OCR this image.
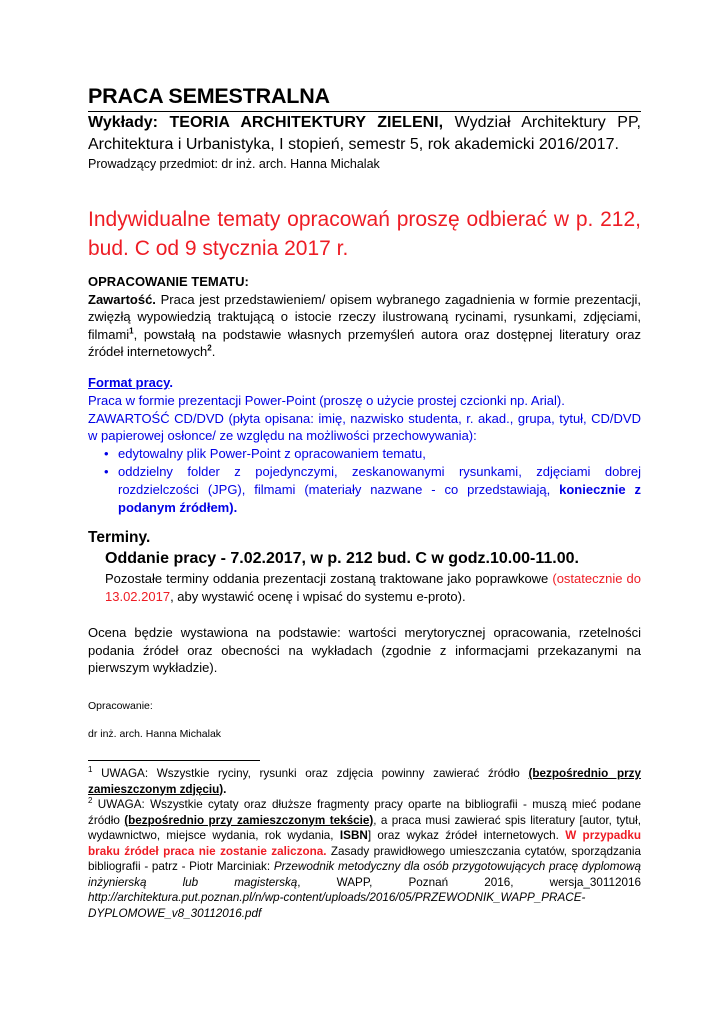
PRACA SEMESTRALNA

Wykłady: TEORIA ARCHITEKTURY ZIELENI, Wydział Architektury PP, Architektura i Urbanistyka, I stopień, semestr 5, rok akademicki 2016/2017.

Prowadzący przedmiot: dr inż. arch. Hanna Michalak

Indywidualne tematy opracowań proszę odbierać w p. 212, bud. C od 9 stycznia 2017 r.

OPRACOWANIE TEMATU:

Zawartość. Praca jest przedstawieniem/ opisem wybranego zagadnienia w formie prezentacji, zwięzłą wypowiedzią traktującą o istocie rzeczy ilustrowaną rycinami, rysunkami, zdjęciami, filmami$^1$, powstałą na podstawie własnych przemyśleń autora oraz dostępnej literatury oraz źródeł internetowych$^2$.

Format pracy.

Praca w formie prezentacji Power-Point (proszę o użycie prostej czcionki np. Arial).

ZAWARTOŚĆ CD/DVD (płyta opisana: imię, nazwisko studenta, r. akad., grupa, tytuł, CD/DVD w papierowej osłonce/ ze względu na możliwości przechowywania):

• edytowalny plik Power-Point z opracowaniem tematu,
• oddzielny folder z pojedynczymi, zeskanowanymi rysunkami, zdjęciami dobrej rozdzielczości (JPG), filmami (materiały nazwane - co przedstawiają, koniecznie z podanym źródłem).

Terminy.

Oddanie pracy - 7.02.2017, w p. 212 bud. C w godz.10.00-11.00.

Pozostałe terminy oddania prezentacji zostaną traktowane jako poprawkowe (ostatecznie do 13.02.2017, aby wystawić ocenę i wpisać do systemu e-proto).

Ocena będzie wystawiona na podstawie: wartości merytorycznej opracowania, rzetelności podania źródeł oraz obecności na wykładach (zgodnie z informacjami przekazanymi na pierwszym wykładzie).

Opracowanie:

dr inż. arch. Hanna Michalak

$^1$ UWAGA: Wszystkie ryciny, rysunki oraz zdjęcia powinny zawierać źródło (bezpośrednio przy zamieszczonym zdjęciu).

$^2$ UWAGA: Wszystkie cytaty oraz dłuższe fragmenty pracy oparte na bibliografii - muszą mieć podane źródło (bezpośrednio przy zamieszczonym tekście), a praca musi zawierać spis literatury [autor, tytuł, wydawnictwo, miejsce wydania, rok wydania, ISBN] oraz wykaz źródeł internetowych. W przypadku braku źródeł praca nie zostanie zaliczona. Zasady prawidłowego umieszczania cytatów, sporządzania bibliografii - patrz - Piotr Marciniak: Przewodnik metodyczny dla osób przygotowujących pracę dyplomową inżynierską lub magisterską, WAPP, Poznań 2016, wersja_30112016 http://architektura.put.poznan.pl/n/wp-content/uploads/2016/05/PRZEWODNIK_WAPP_PRACE-DYPLOMOWE_v8_30112016.pdf
